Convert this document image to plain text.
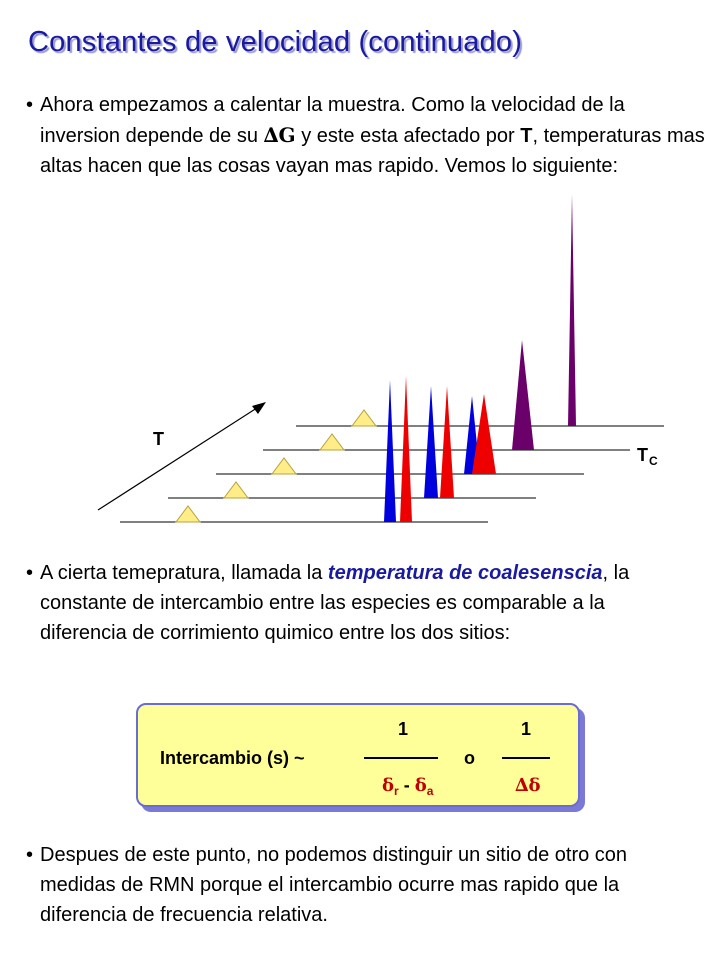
Constantes de velocidad (continuado)
• Ahora empezamos a calentar la muestra. Como la velocidad de la inversion depende de su ∆G y este esta afectado por T, temperaturas mas altas hacen que las cosas vayan mas rapido. Vemos lo siguiente:
T
T C
• A cierta temepratura, llamada la temperatura de coalesenscia, la constante de intercambio entre las especies es comparable a la diferencia de corrimiento quimico entre los dos sitios:
Intercambio (s) ~
1
$\delta_r - \delta_a$
o
1
∆δ
• Despues de este punto, no podemos distinguir un sitio de otro con medidas de RMN porque el intercambio ocurre mas rapido que la diferencia de frecuencia relativa.
